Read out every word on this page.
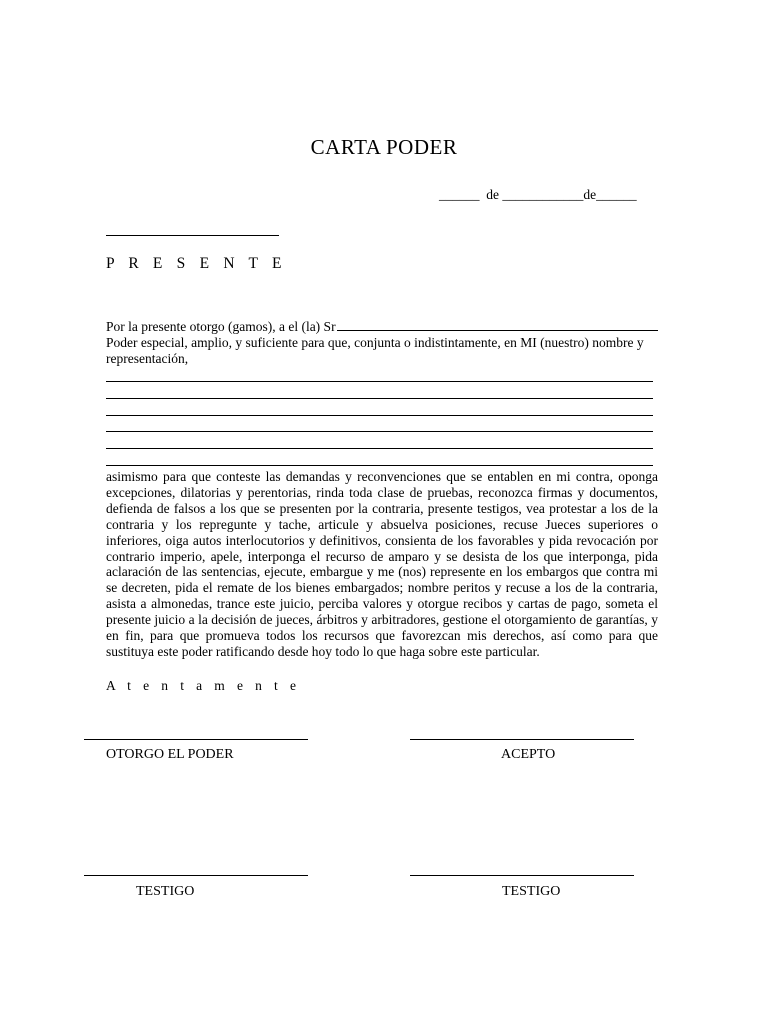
CARTA PODER
______  de ____________de______
P R E S E N T E
Por la presente otorgo (gamos), a el (la) Sr
Poder especial, amplio, y suficiente para que, conjunta o indistintamente, en MI (nuestro) nombre y representación,
asimismo para que conteste las demandas y reconvenciones que se entablen en mi contra, oponga excepciones, dilatorias y perentorias, rinda toda clase de pruebas, reconozca firmas y documentos, defienda de falsos a los que se presenten por la contraria, presente testigos, vea protestar a los de la contraria y los repregunte y tache, articule y absuelva posiciones, recuse Jueces superiores o inferiores, oiga autos interlocutorios y definitivos, consienta de los favorables y pida revocación por contrario imperio, apele, interponga el recurso de amparo y se desista de los que interponga, pida aclaración de las sentencias, ejecute, embargue y me (nos) represente en los embargos que contra mi se decreten, pida el remate de los bienes embargados; nombre peritos y recuse a los de la contraria, asista a almonedas, trance este juicio, perciba valores y otorgue recibos y cartas de pago, someta el presente juicio a la decisión de jueces, árbitros y arbitradores, gestione el otorgamiento de garantías, y en fin, para que promueva todos los recursos que favorezcan mis derechos, así como para que sustituya este poder ratificando desde hoy todo lo que haga sobre este particular.
A t e n t a m e n t e
OTORGO EL PODER	ACEPTO
TESTIGO	TESTIGO
